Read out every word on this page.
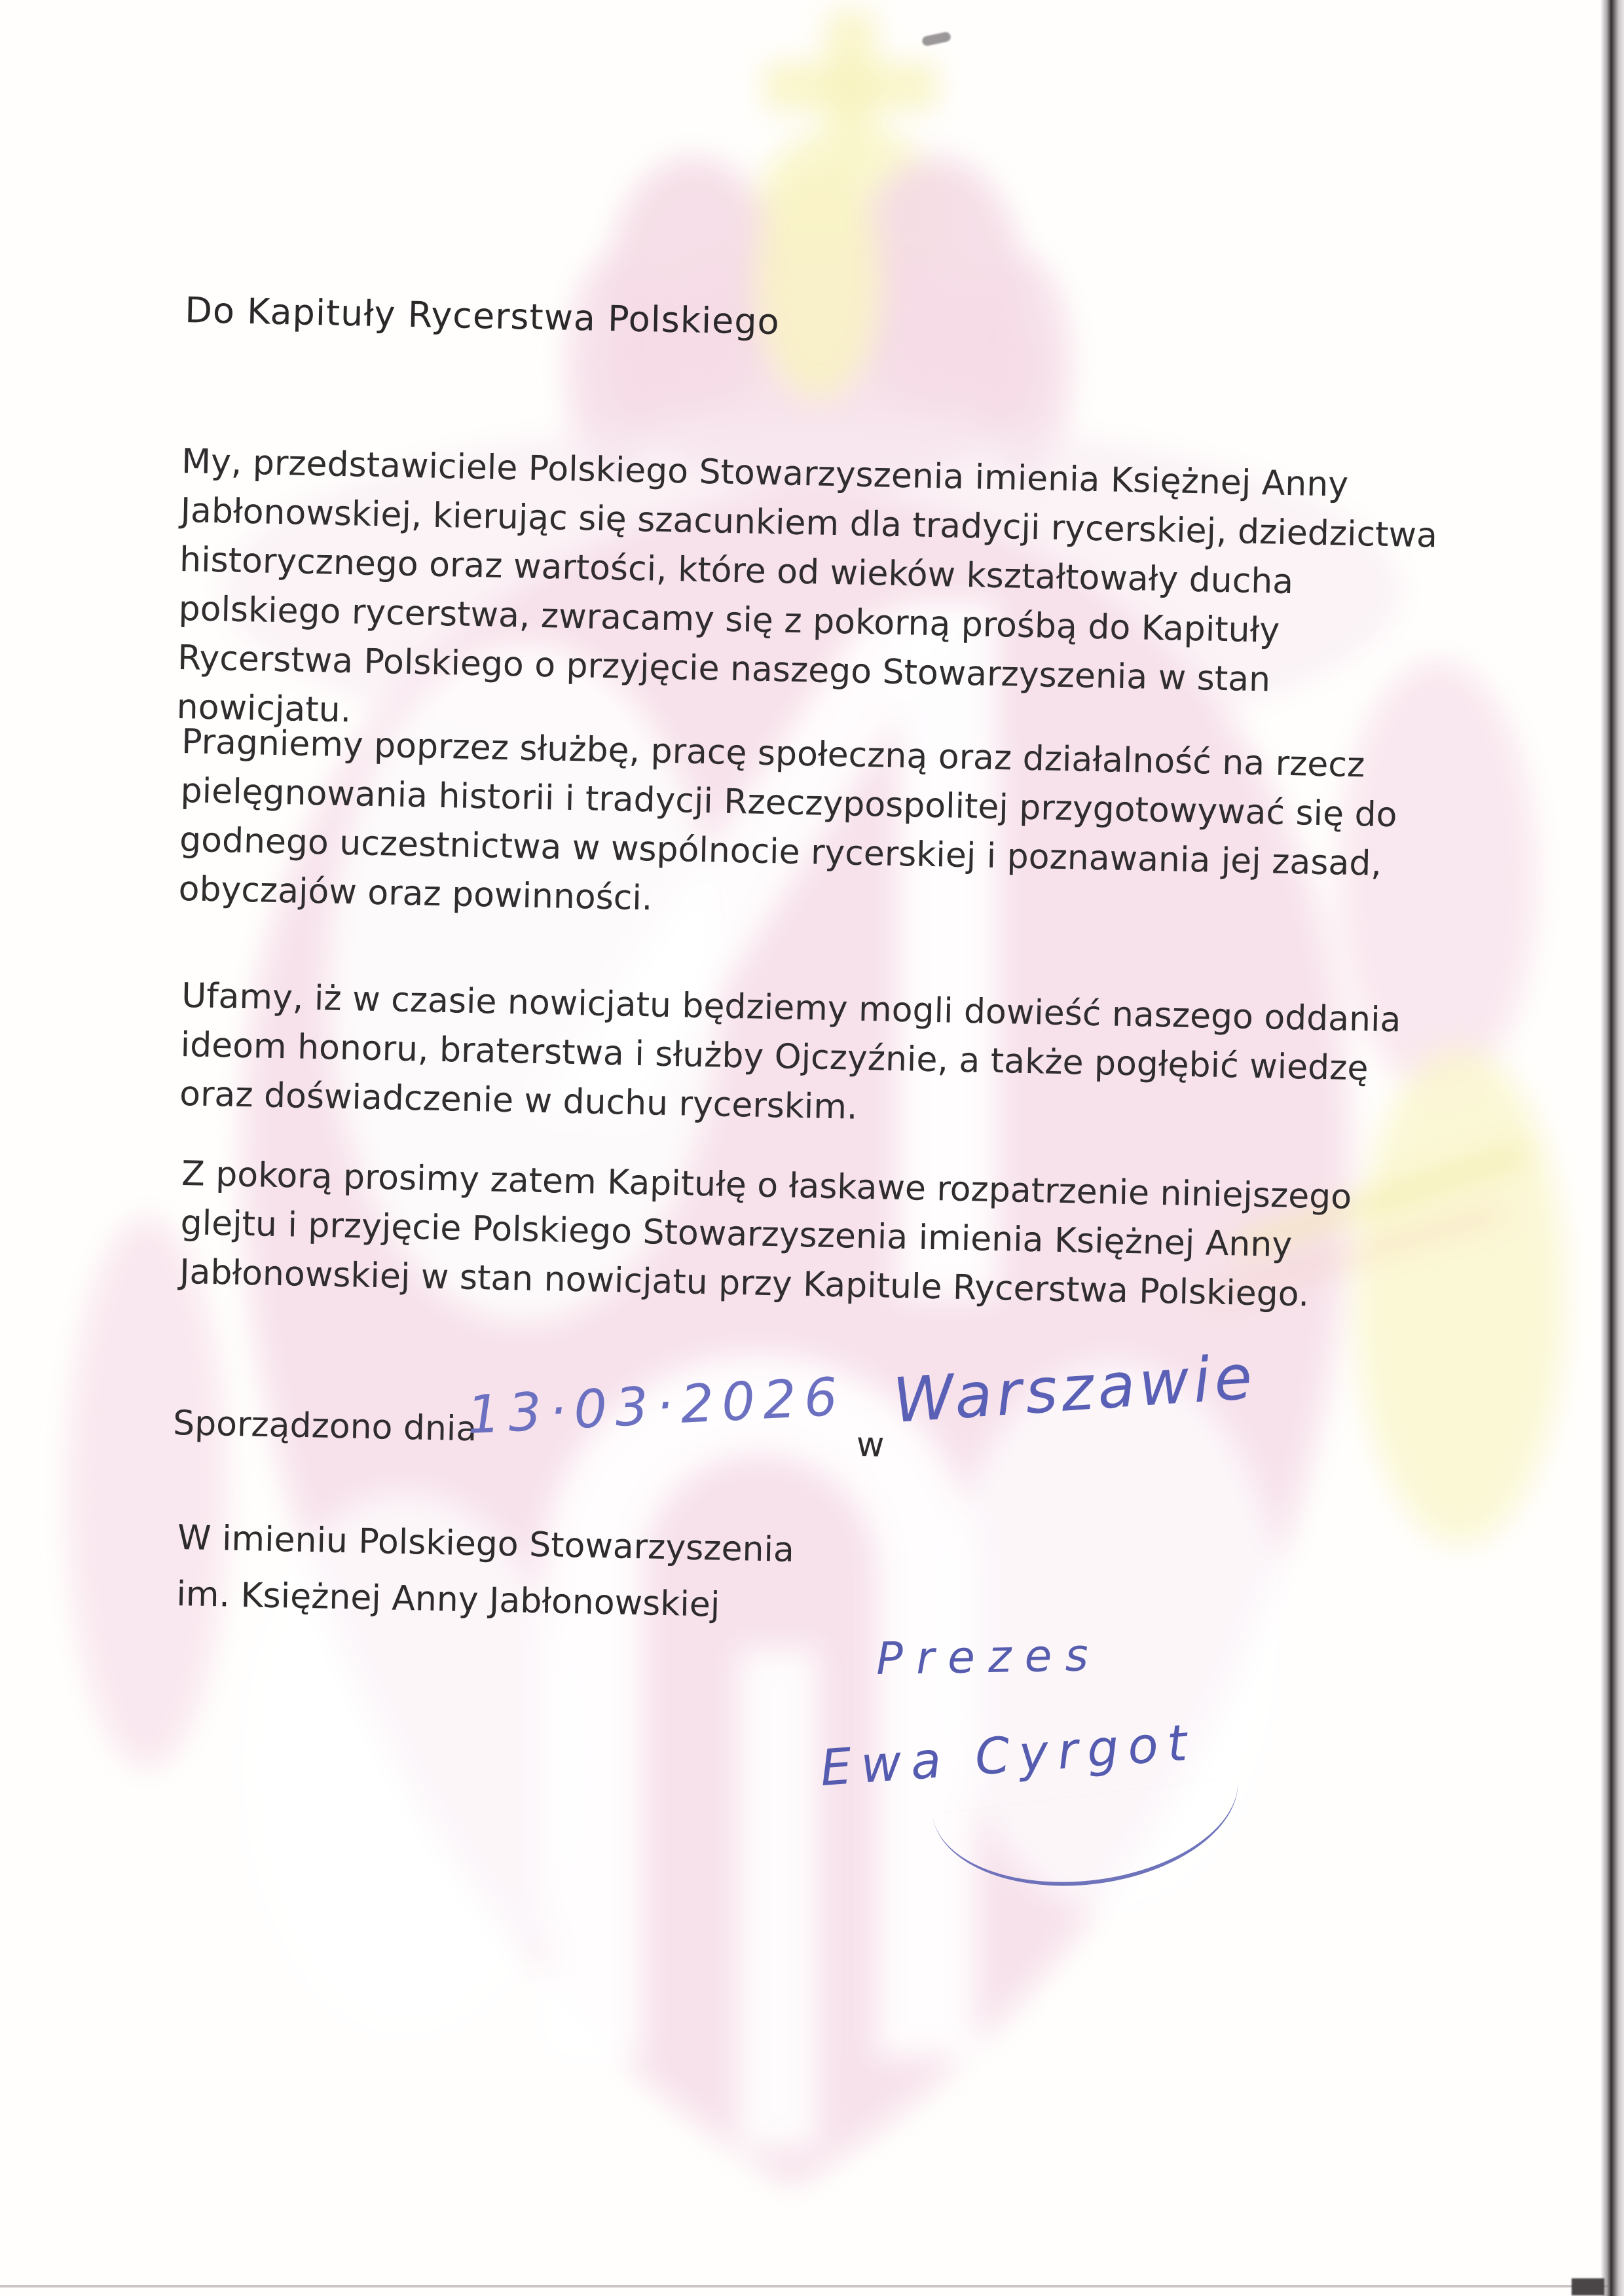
Do Kapituły Rycerstwa Polskiego
My, przedstawiciele Polskiego Stowarzyszenia imienia Księżnej Anny Jabłonowskiej, kierując się szacunkiem dla tradycji rycerskiej, dziedzictwa historycznego oraz wartości, które od wieków kształtowały ducha polskiego rycerstwa, zwracamy się z pokorną prośbą do Kapituły Rycerstwa Polskiego o przyjęcie naszego Stowarzyszenia w stan nowicjatu.
Pragniemy poprzez służbę, pracę społeczną oraz działalność na rzecz pielęgnowania historii i tradycji Rzeczypospolitej przygotowywać się do godnego uczestnictwa w wspólnocie rycerskiej i poznawania jej zasad, obyczajów oraz powinności.
Ufamy, iż w czasie nowicjatu będziemy mogli dowieść naszego oddania ideom honoru, braterstwa i służby Ojczyźnie, a także pogłębić wiedzę oraz doświadczenie w duchu rycerskim.
Z pokorą prosimy zatem Kapitułę o łaskawe rozpatrzenie niniejszego glejtu i przyjęcie Polskiego Stowarzyszenia imienia Księżnej Anny Jabłonowskiej w stan nowicjatu przy Kapitule Rycerstwa Polskiego.
Sporządzono dnia
13·03·2026 w
Warszawie
W imieniu Polskiego Stowarzyszenia
im. Księżnej Anny Jabłonowskiej
Prezes
Ewa Cyrgot
